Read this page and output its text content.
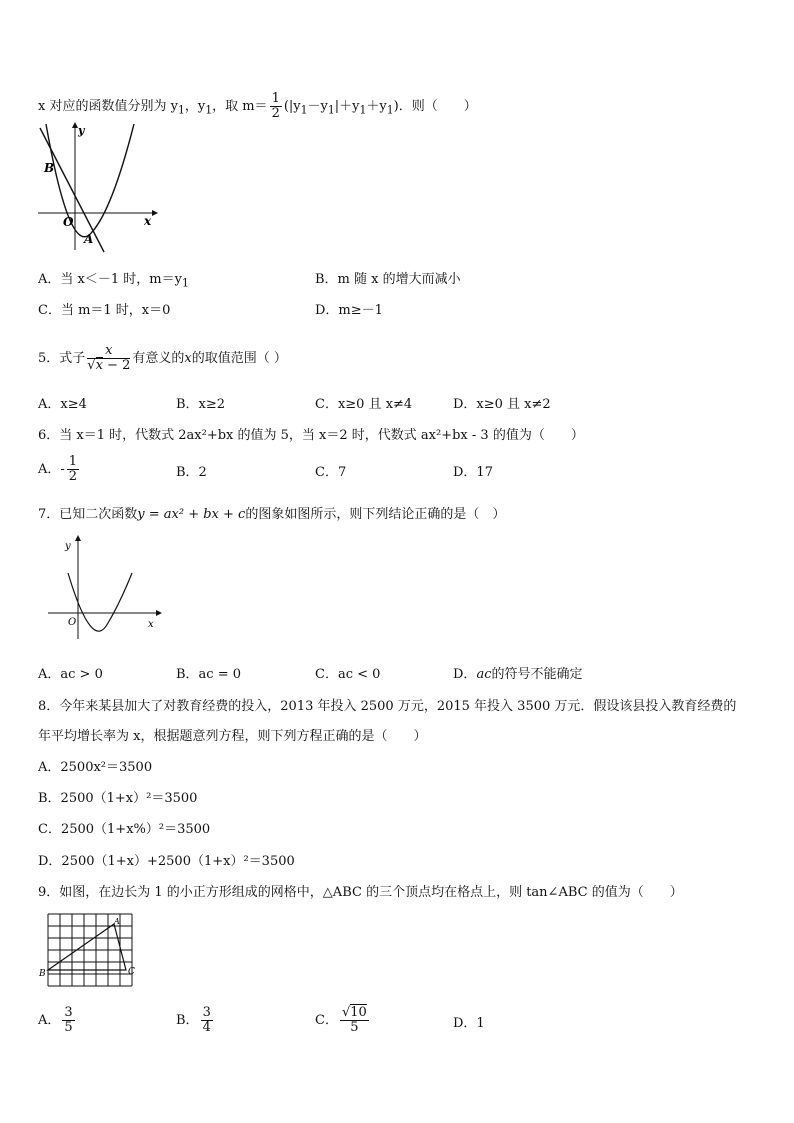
x 对应的函数值分别为 $y_1$，$y_1$，取 $m= \frac{1}{2} (|y_1-y_1|+y_1+y_1)$．则（　　）
y
x
O
A
B
A．当 x＜－1 时，$m=y_1$	B．m 随 x 的增大而减小
C．当 m＝1 时，x＝0	D．m≥－1
5．式子 $\frac{x}{√x - 2}$ 有意义的x的取值范围（ ）
A．x≥4	B．x≥2	C．x≥0 且 x≠4	D．x≥0 且 x≠2
6．当 x＝1 时，代数式 2ax²+bx 的值为 5，当 x＝2 时，代数式 ax²+bx - 3 的值为（　　）
A．- $\frac{1}{2}$	B．2	C．7	D．17
7．已知二次函数y = ax² + bx + c的图象如图所示，则下列结论正确的是（　）
y
x
O
A．ac > 0	B．ac = 0	C．ac < 0	D．ac的符号不能确定
8．今年来某县加大了对教育经费的投入，2013 年投入 2500 万元，2015 年投入 3500 万元．假设该县投入教育经费的
年平均增长率为 x，根据题意列方程，则下列方程正确的是（　　）
A．2500x²＝3500
B．2500（1+x）²＝3500
C．2500（1+x%）²＝3500
D．2500（1+x）+2500（1+x）²＝3500
9．如图，在边长为 1 的小正方形组成的网格中，△ABC 的三个顶点均在格点上，则 tan∠ABC 的值为（　　）
A
B	C
A． $\frac{3}{5}$	B． $\frac{3}{4}$	C． $\frac{√10}{5}$	D．1
